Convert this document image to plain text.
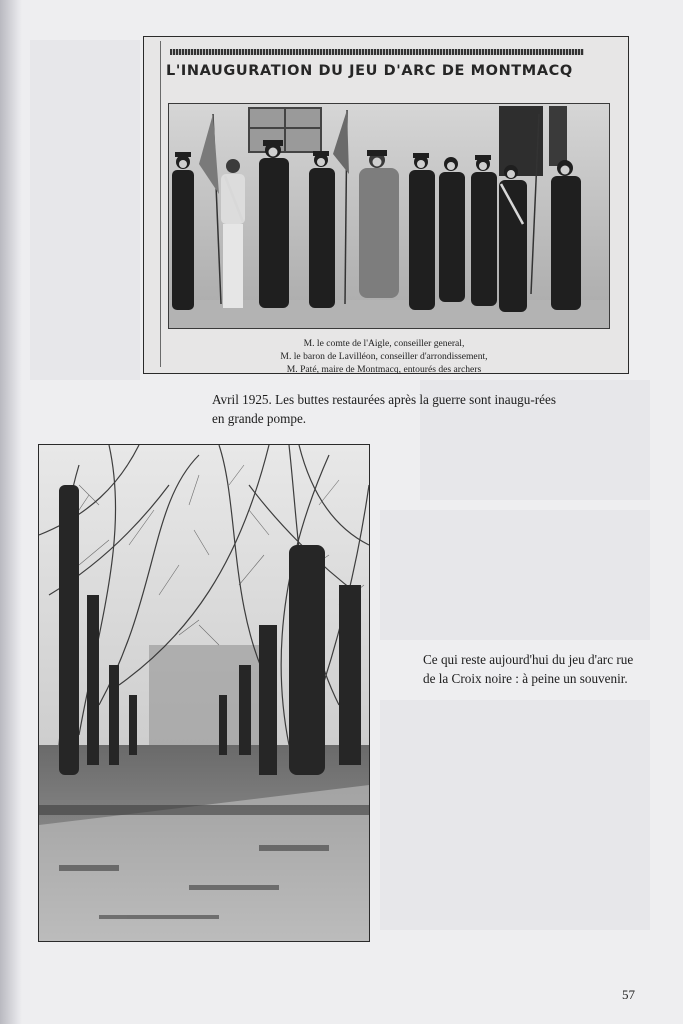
L'INAUGURATION DU JEU D'ARC DE MONTMACQ
M. le comte de l'Aigle, conseiller general,
M. le baron de Lavilléon, conseiller d'arrondissement,
M. Paté, maire de Montmacq, entourés des archers
Avril 1925. Les buttes restaurées après la guerre sont inaugu-rées en grande pompe.
Ce qui reste aujourd'hui du jeu d'arc rue de la Croix noire : à peine un souvenir.
57
